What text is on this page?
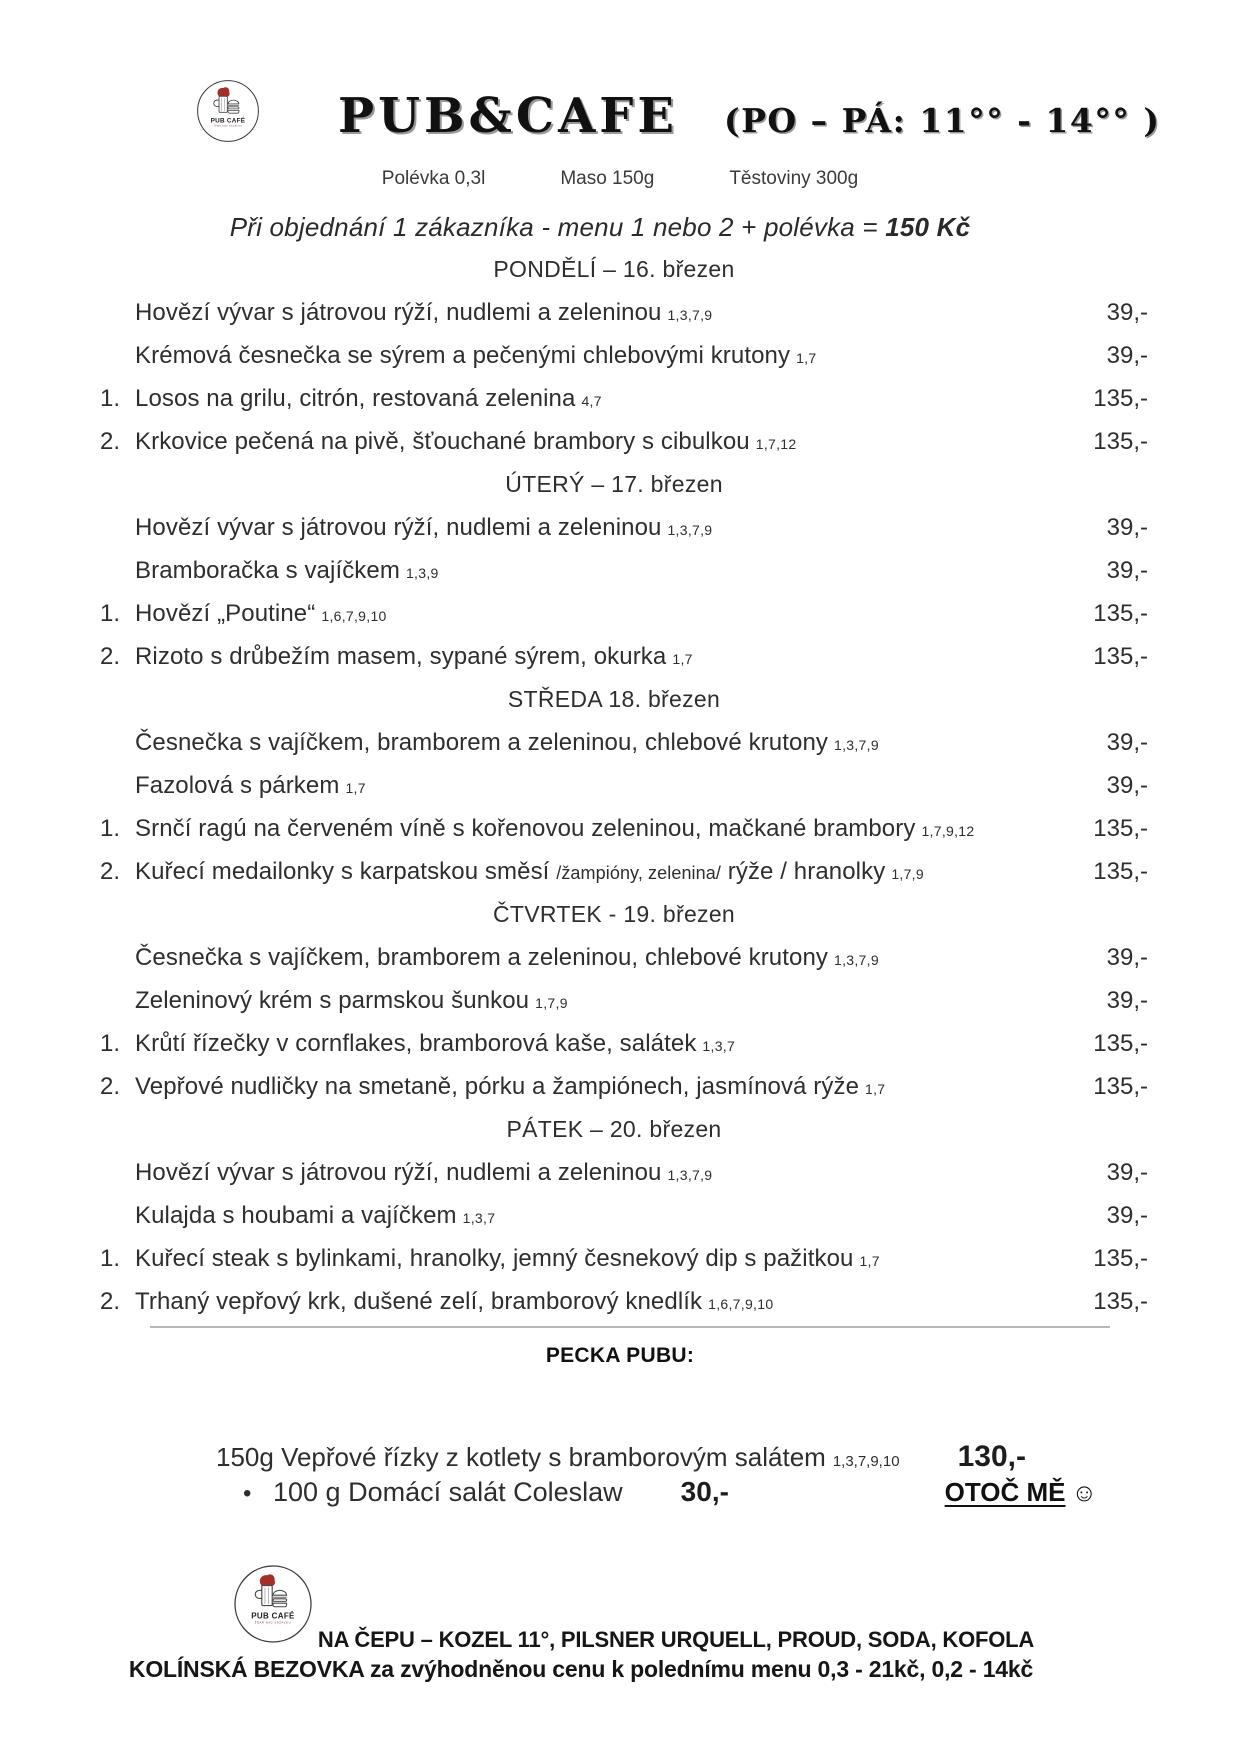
PUB CAFÉ
ŽĎÁR NAD SÁZAVOU PUB&CAFE (PO – PÁ: 11°° - 14°° )
Polévka 0,3l	Maso 150g	Těstoviny 300g
Při objednání 1 zákazníka - menu 1 nebo 2 + polévka = 150 Kč
PONDĚLÍ – 16. březen
Hovězí vývar s játrovou rýží, nudlemi a zeleninou 1,3,7,9	39,-
Krémová česnečka se sýrem a pečenými chlebovými krutony 1,7	39,-
1. Losos na grilu, citrón, restovaná zelenina 4,7	135,-
2. Krkovice pečená na pivě, šťouchané brambory s cibulkou 1,7,12	135,-
ÚTERÝ – 17. březen
Hovězí vývar s játrovou rýží, nudlemi a zeleninou 1,3,7,9	39,-
Bramboračka s vajíčkem 1,3,9	39,-
1. Hovězí „Poutine“ 1,6,7,9,10	135,-
2. Rizoto s drůbežím masem, sypané sýrem, okurka 1,7	135,-
STŘEDA 18. březen
Česnečka s vajíčkem, bramborem a zeleninou, chlebové krutony 1,3,7,9	39,-
Fazolová s párkem 1,7	39,-
1. Srnčí ragú na červeném víně s kořenovou zeleninou, mačkané brambory 1,7,9,12	135,-
2. Kuřecí medailonky s karpatskou směsí /žampióny, zelenina/ rýže / hranolky 1,7,9	135,-
ČTVRTEK - 19. březen
Česnečka s vajíčkem, bramborem a zeleninou, chlebové krutony 1,3,7,9	39,-
Zeleninový krém s parmskou šunkou 1,7,9	39,-
1. Krůtí řízečky v cornflakes, bramborová kaše, salátek 1,3,7	135,-
2. Vepřové nudličky na smetaně, pórku a žampiónech, jasmínová rýže 1,7	135,-
PÁTEK – 20. březen
Hovězí vývar s játrovou rýží, nudlemi a zeleninou 1,3,7,9	39,-
Kulajda s houbami a vajíčkem 1,3,7	39,-
1. Kuřecí steak s bylinkami, hranolky, jemný česnekový dip s pažitkou 1,7	135,-
2. Trhaný vepřový krk, dušené zelí, bramborový knedlík 1,6,7,9,10	135,-
PECKA PUBU:
150g Vepřové řízky z kotlety s bramborovým salátem 1,3,7,9,10 130,-
• 100 g Domácí salát Coleslaw 30,-	OTOČ MĚ ☺
PUB CAFÉ
ŽĎÁR NAD SÁZAVOU
NA ČEPU – KOZEL 11°, PILSNER URQUELL, PROUD, SODA, KOFOLA
KOLÍNSKÁ BEZOVKA za zvýhodněnou cenu k polednímu menu 0,3 - 21kč, 0,2 - 14kč
